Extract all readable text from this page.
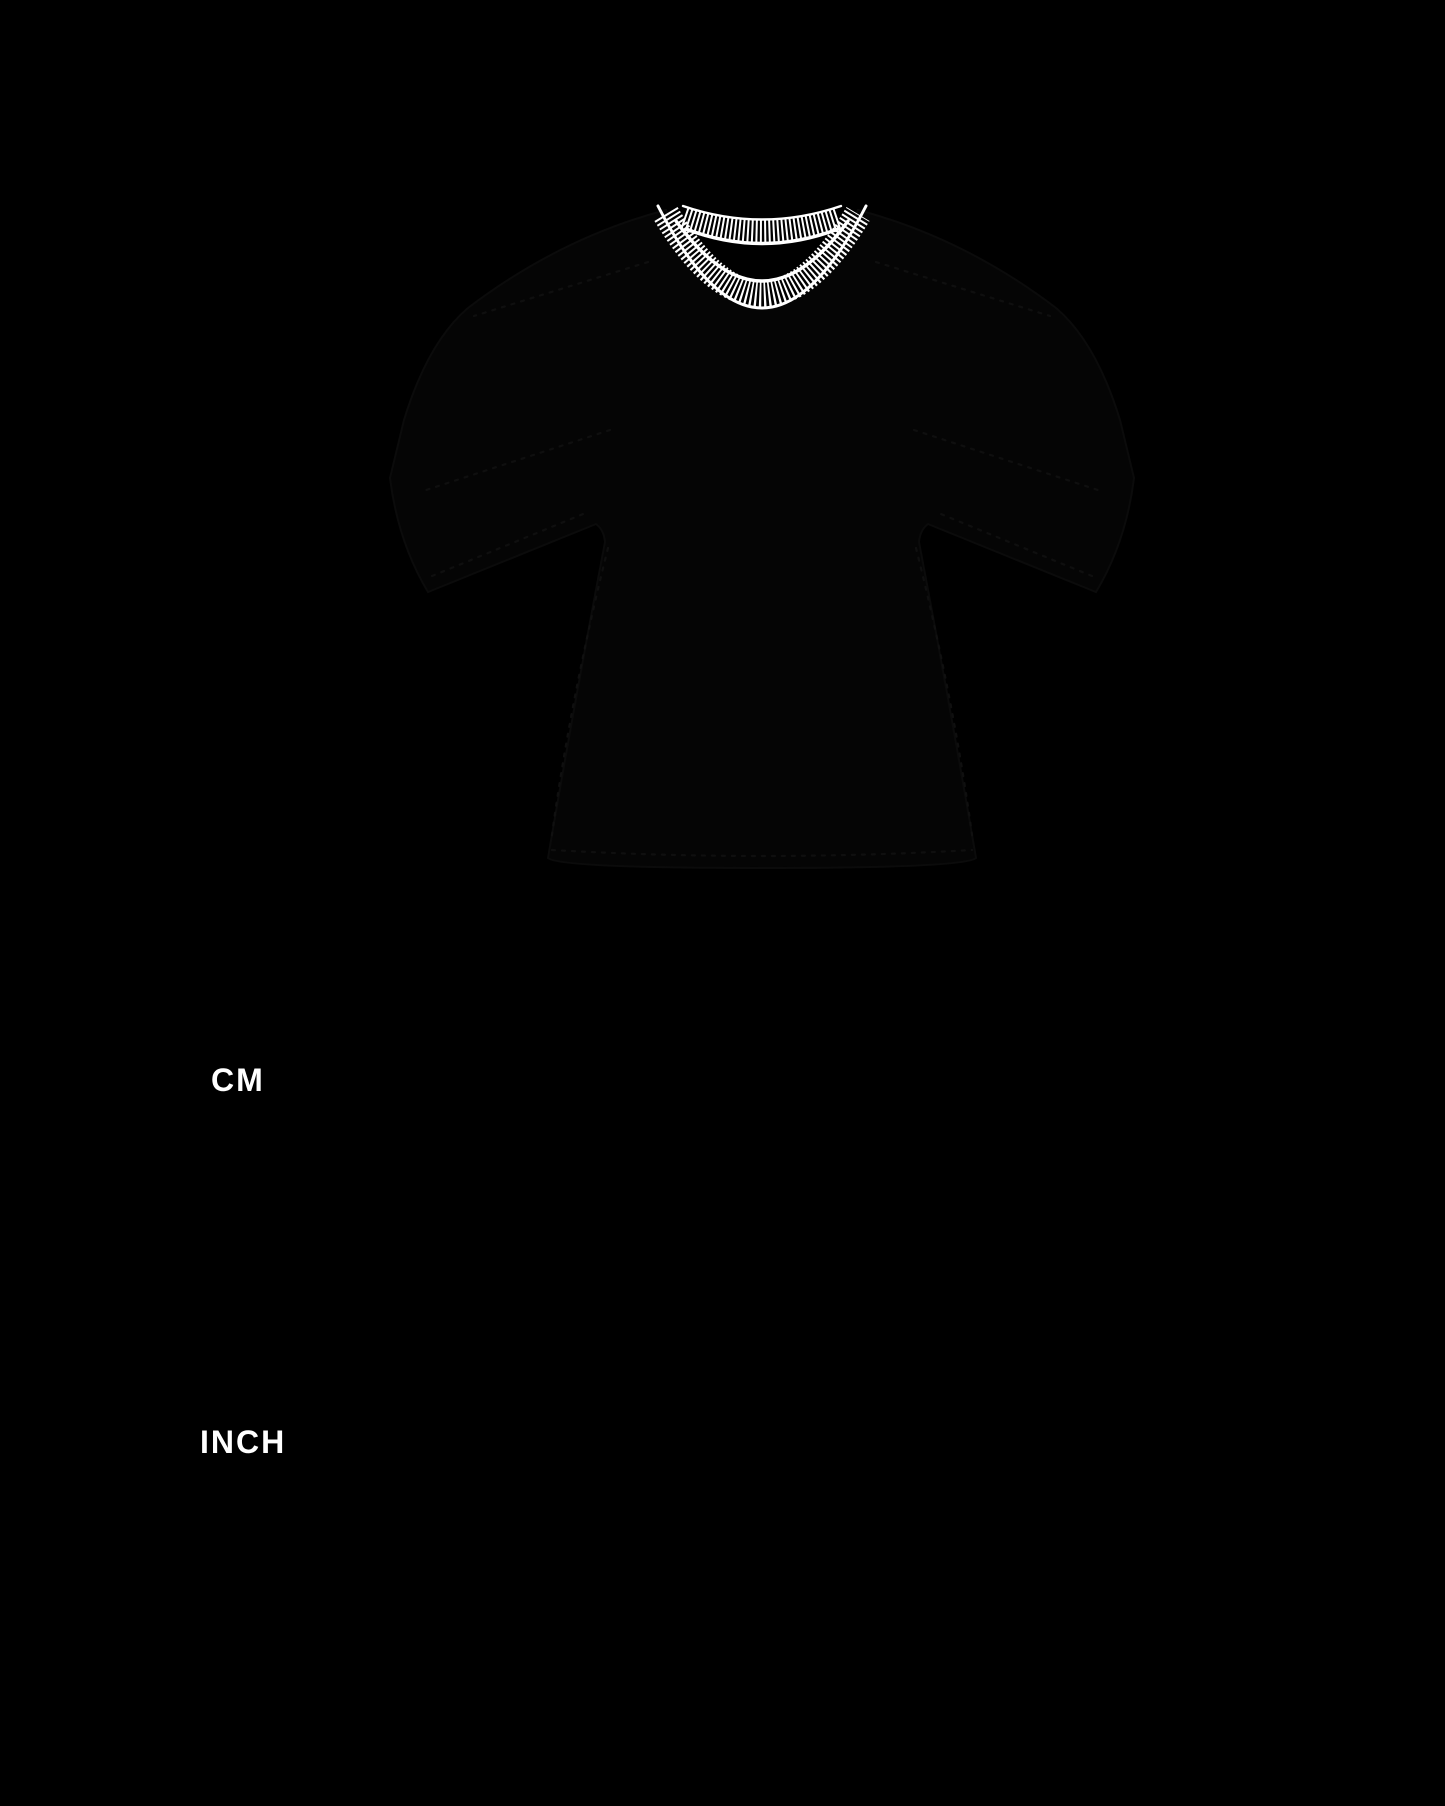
CM
INCH
